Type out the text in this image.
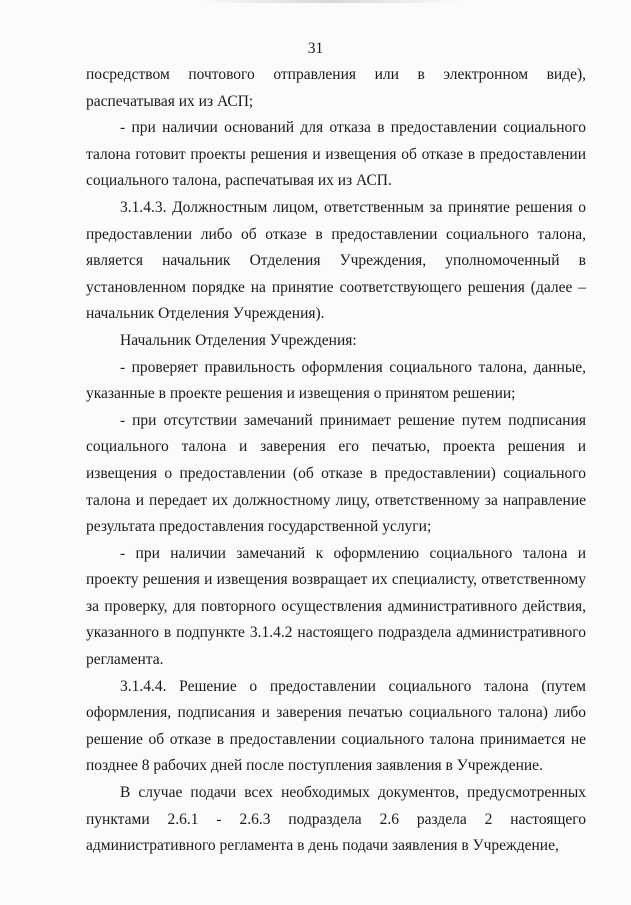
31

посредством почтового отправления или в электронном виде), распечатывая их из АСП;

- при наличии оснований для отказа в предоставлении социального талона готовит проекты решения и извещения об отказе в предоставлении социального талона, распечатывая их из АСП.

3.1.4.3. Должностным лицом, ответственным за принятие решения о предоставлении либо об отказе в предоставлении социального талона, является начальник Отделения Учреждения, уполномоченный в установленном порядке на принятие соответствующего решения (далее – начальник Отделения Учреждения).

Начальник Отделения Учреждения:

- проверяет правильность оформления социального талона, данные, указанные в проекте решения и извещения о принятом решении;

- при отсутствии замечаний принимает решение путем подписания социального талона и заверения его печатью, проекта решения и извещения о предоставлении (об отказе в предоставлении) социального талона и передает их должностному лицу, ответственному за направление результата предоставления государственной услуги;

- при наличии замечаний к оформлению социального талона и проекту решения и извещения возвращает их специалисту, ответственному за проверку, для повторного осуществления административного действия, указанного в подпункте 3.1.4.2 настоящего подраздела административного регламента.

3.1.4.4. Решение о предоставлении социального талона (путем оформления, подписания и заверения печатью социального талона) либо решение об отказе в предоставлении социального талона принимается не позднее 8 рабочих дней после поступления заявления в Учреждение.

В случае подачи всех необходимых документов, предусмотренных пунктами 2.6.1 - 2.6.3 подраздела 2.6 раздела 2 настоящего административного регламента в день подачи заявления в Учреждение,
